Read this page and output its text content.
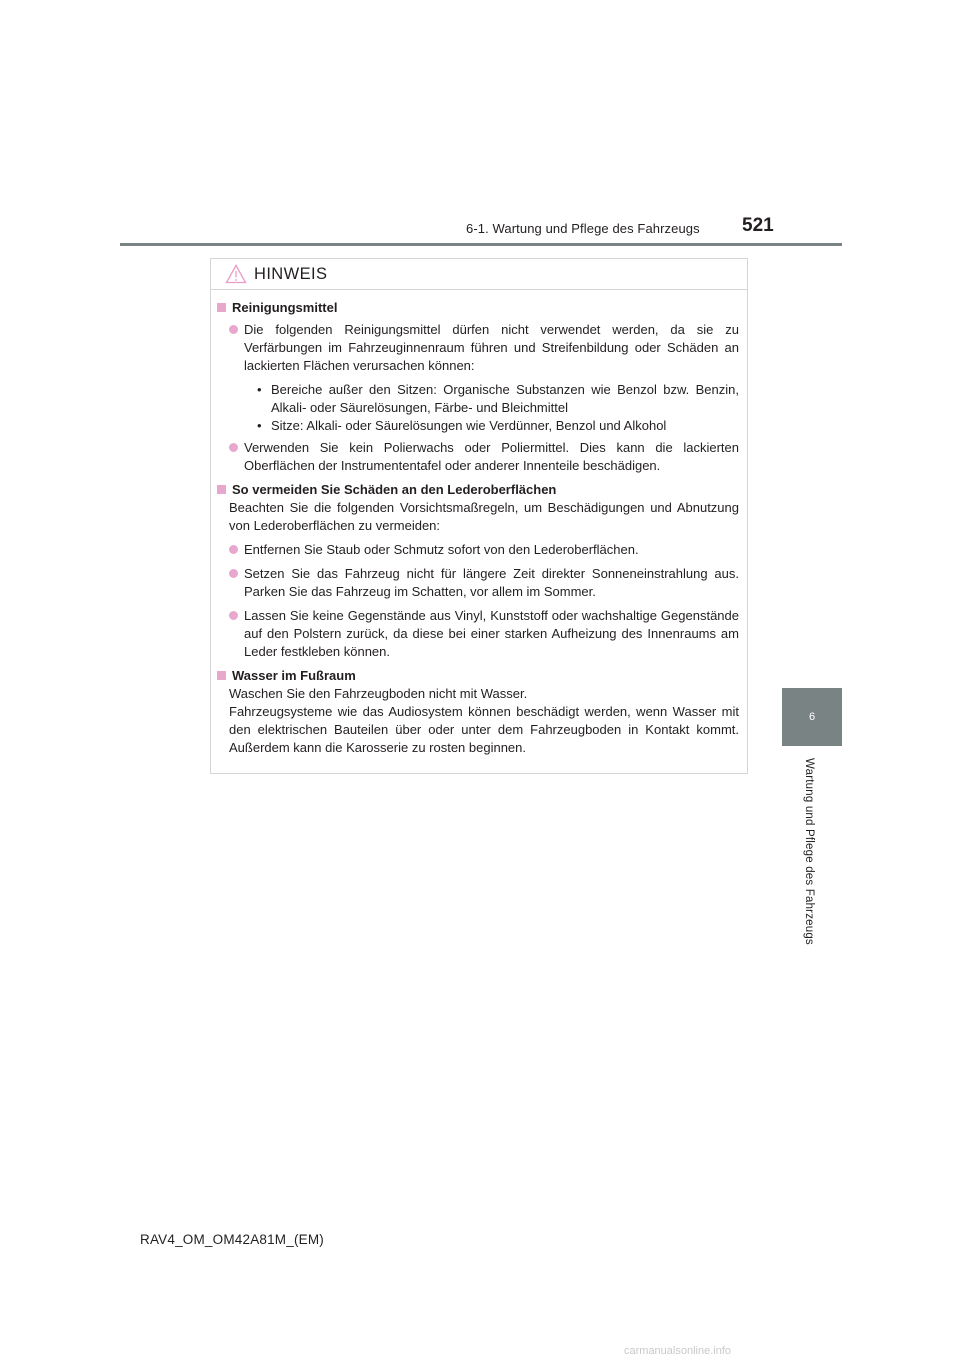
6-1. Wartung und Pflege des Fahrzeugs 521
6
Wartung und Pflege des Fahrzeugs
HINWEIS
Reinigungsmittel
Die folgenden Reinigungsmittel dürfen nicht verwendet werden, da sie zu Verfärbungen im Fahrzeuginnenraum führen und Streifenbildung oder Schäden an lackierten Flächen verursachen können:
• Bereiche außer den Sitzen: Organische Substanzen wie Benzol bzw. Benzin, Alkali- oder Säurelösungen, Färbe- und Bleichmittel
• Sitze: Alkali- oder Säurelösungen wie Verdünner, Benzol und Alkohol
Verwenden Sie kein Polierwachs oder Poliermittel. Dies kann die lackierten Oberflächen der Instrumententafel oder anderer Innenteile beschädigen.
So vermeiden Sie Schäden an den Lederoberflächen
Beachten Sie die folgenden Vorsichtsmaßregeln, um Beschädigungen und Abnutzung von Lederoberflächen zu vermeiden:
Entfernen Sie Staub oder Schmutz sofort von den Lederoberflächen.
Setzen Sie das Fahrzeug nicht für längere Zeit direkter Sonneneinstrahlung aus. Parken Sie das Fahrzeug im Schatten, vor allem im Sommer.
Lassen Sie keine Gegenstände aus Vinyl, Kunststoff oder wachshaltige Gegenstände auf den Polstern zurück, da diese bei einer starken Aufheizung des Innenraums am Leder festkleben können.
Wasser im Fußraum
Waschen Sie den Fahrzeugboden nicht mit Wasser.
Fahrzeugsysteme wie das Audiosystem können beschädigt werden, wenn Wasser mit den elektrischen Bauteilen über oder unter dem Fahrzeugboden in Kontakt kommt. Außerdem kann die Karosserie zu rosten beginnen.
RAV4_OM_OM42A81M_(EM)
carmanualsonline.info
